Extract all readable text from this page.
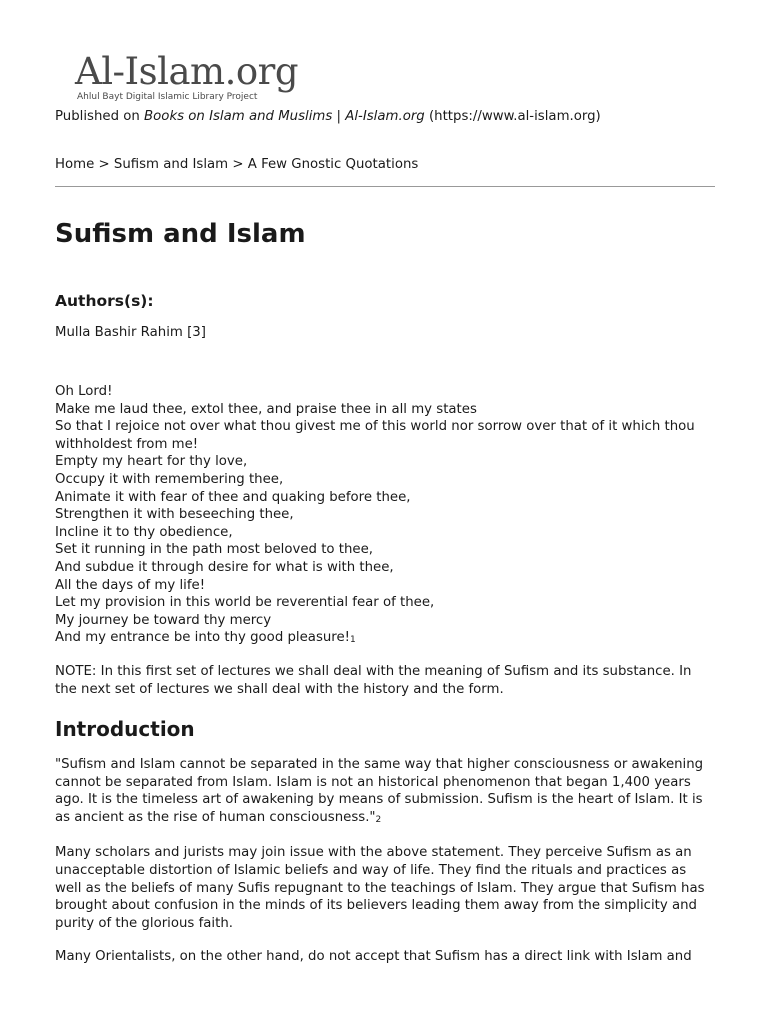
Al-Islam.org
Ahlul Bayt Digital Islamic Library Project
Published on Books on Islam and Muslims | Al-Islam.org (https://www.al-islam.org)
Home > Sufism and Islam > A Few Gnostic Quotations
Sufism and Islam
Authors(s):
Mulla Bashir Rahim [3]
Oh Lord!
Make me laud thee, extol thee, and praise thee in all my states
So that I rejoice not over what thou givest me of this world nor sorrow over that of it which thou withholdest from me!
Empty my heart for thy love,
Occupy it with remembering thee,
Animate it with fear of thee and quaking before thee,
Strengthen it with beseeching thee,
Incline it to thy obedience,
Set it running in the path most beloved to thee,
And subdue it through desire for what is with thee,
All the days of my life!
Let my provision in this world be reverential fear of thee,
My journey be toward thy mercy
And my entrance be into thy good pleasure!$^1$

NOTE: In this first set of lectures we shall deal with the meaning of Sufism and its substance. In the next set of lectures we shall deal with the history and the form.

Introduction

"Sufism and Islam cannot be separated in the same way that higher consciousness or awakening cannot be separated from Islam. Islam is not an historical phenomenon that began 1,400 years ago. It is the timeless art of awakening by means of submission. Sufism is the heart of Islam. It is as ancient as the rise of human consciousness."$^2$

Many scholars and jurists may join issue with the above statement. They perceive Sufism as an unacceptable distortion of Islamic beliefs and way of life. They find the rituals and practices as well as the beliefs of many Sufis repugnant to the teachings of Islam. They argue that Sufism has brought about confusion in the minds of its believers leading them away from the simplicity and purity of the glorious faith.

Many Orientalists, on the other hand, do not accept that Sufism has a direct link with Islam and
